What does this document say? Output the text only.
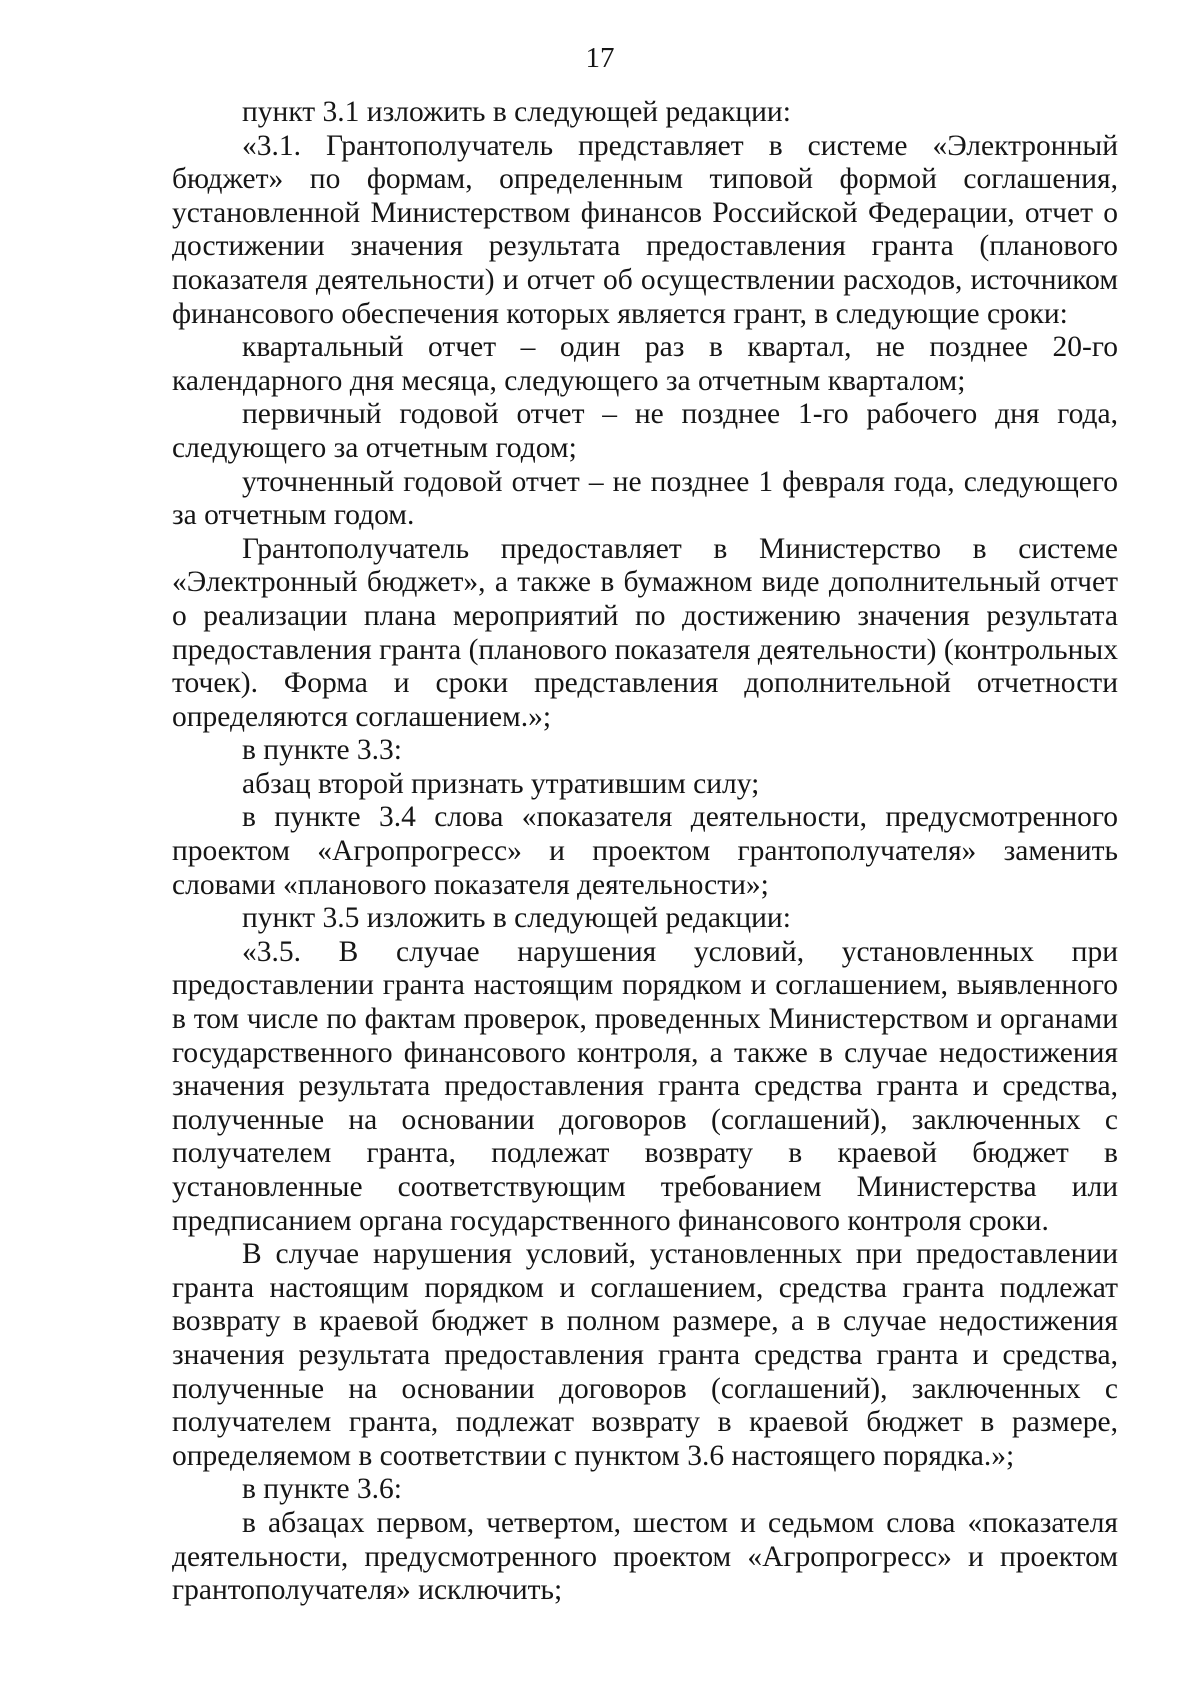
17

пункт 3.1 изложить в следующей редакции:

«3.1. Грантополучатель представляет в системе «Электронный бюджет» по формам, определенным типовой формой соглашения, установленной Министерством финансов Российской Федерации, отчет о достижении значения результата предоставления гранта (планового показателя деятельности) и отчет об осуществлении расходов, источником финансового обеспечения которых является грант, в следующие сроки:

квартальный отчет – один раз в квартал, не позднее 20-го календарного дня месяца, следующего за отчетным кварталом;

первичный годовой отчет – не позднее 1-го рабочего дня года, следующего за отчетным годом;

уточненный годовой отчет – не позднее 1 февраля года, следующего за отчетным годом.

Грантополучатель предоставляет в Министерство в системе «Электронный бюджет», а также в бумажном виде дополнительный отчет о реализации плана мероприятий по достижению значения результата предоставления гранта (планового показателя деятельности) (контрольных точек). Форма и сроки представления дополнительной отчетности определяются соглашением.»;

в пункте 3.3:

абзац второй признать утратившим силу;

в пункте 3.4 слова «показателя деятельности, предусмотренного проектом «Агропрогресс» и проектом грантополучателя» заменить словами «планового показателя деятельности»;

пункт 3.5 изложить в следующей редакции:

«3.5. В случае нарушения условий, установленных при предоставлении гранта настоящим порядком и соглашением, выявленного в том числе по фактам проверок, проведенных Министерством и органами государственного финансового контроля, а также в случае недостижения значения результата предоставления гранта средства гранта и средства, полученные на основании договоров (соглашений), заключенных с получателем гранта, подлежат возврату в краевой бюджет в установленные соответствующим требованием Министерства или предписанием органа государственного финансового контроля сроки.

В случае нарушения условий, установленных при предоставлении гранта настоящим порядком и соглашением, средства гранта подлежат возврату в краевой бюджет в полном размере, а в случае недостижения значения результата предоставления гранта средства гранта и средства, полученные на основании договоров (соглашений), заключенных с получателем гранта, подлежат возврату в краевой бюджет в размере, определяемом в соответствии с пунктом 3.6 настоящего порядка.»;

в пункте 3.6:

в абзацах первом, четвертом, шестом и седьмом слова «показателя деятельности, предусмотренного проектом «Агропрогресс» и проектом грантополучателя» исключить;
